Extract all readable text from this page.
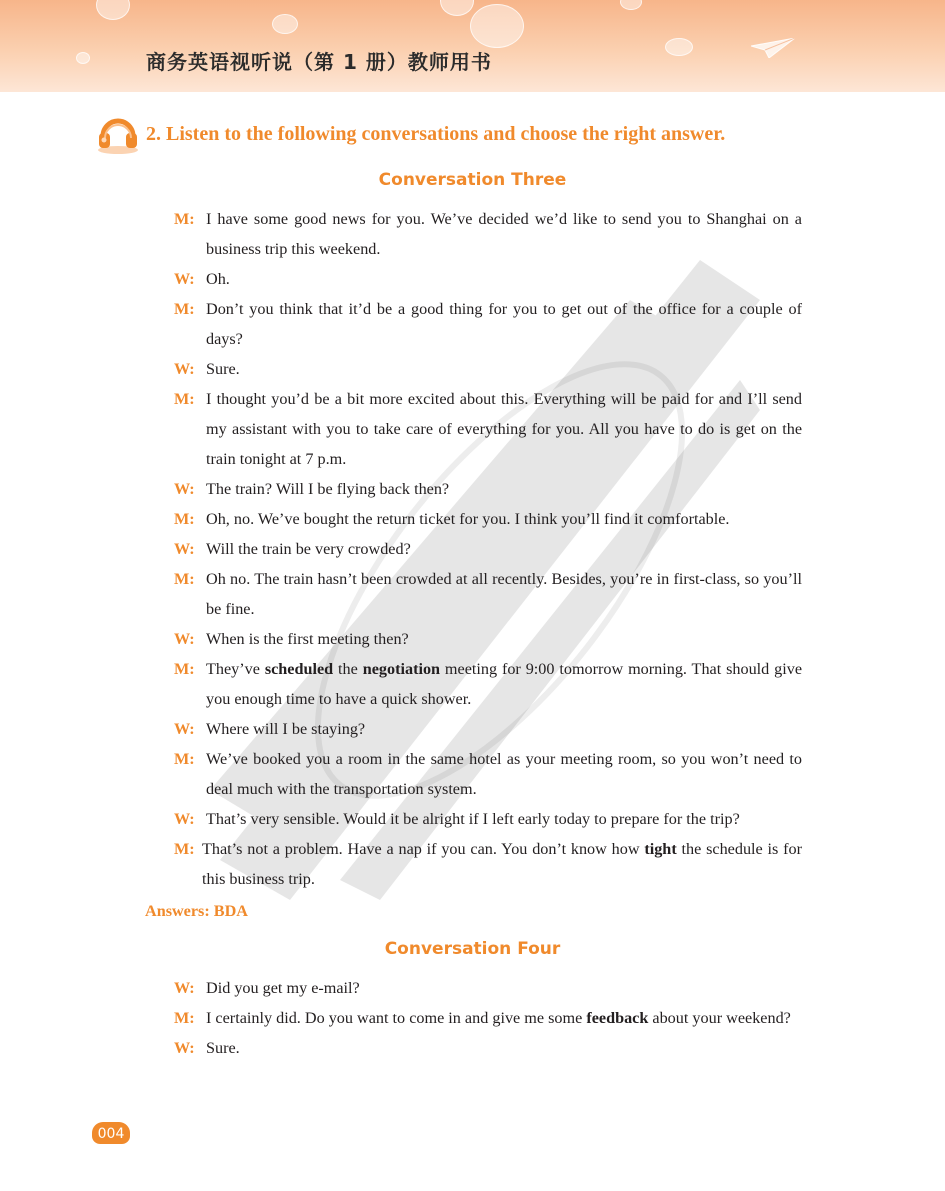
商务英语视听说（第 1 册）教师用书
2. Listen to the following conversations and choose the right answer.
Conversation Three
M: I have some good news for you. We’ve decided we’d like to send you to Shanghai on a business trip this weekend.
W: Oh.
M: Don’t you think that it’d be a good thing for you to get out of the office for a couple of days?
W: Sure.
M: I thought you’d be a bit more excited about this. Everything will be paid for and I’ll send my assistant with you to take care of everything for you. All you have to do is get on the train tonight at 7 p.m.
W: The train? Will I be flying back then?
M: Oh, no. We’ve bought the return ticket for you. I think you’ll find it comfortable.
W: Will the train be very crowded?
M: Oh no. The train hasn’t been crowded at all recently. Besides, you’re in first-class, so you’ll be fine.
W: When is the first meeting then?
M: They’ve scheduled the negotiation meeting for 9:00 tomorrow morning. That should give you enough time to have a quick shower.
W: Where will I be staying?
M: We’ve booked you a room in the same hotel as your meeting room, so you won’t need to deal much with the transportation system.
W: That’s very sensible. Would it be alright if I left early today to prepare for the trip?
M: That’s not a problem. Have a nap if you can. You don’t know how tight the schedule is for this business trip.
Answers: BDA
Conversation Four
W: Did you get my e-mail?
M: I certainly did. Do you want to come in and give me some feedback about your weekend?
W: Sure.
004
